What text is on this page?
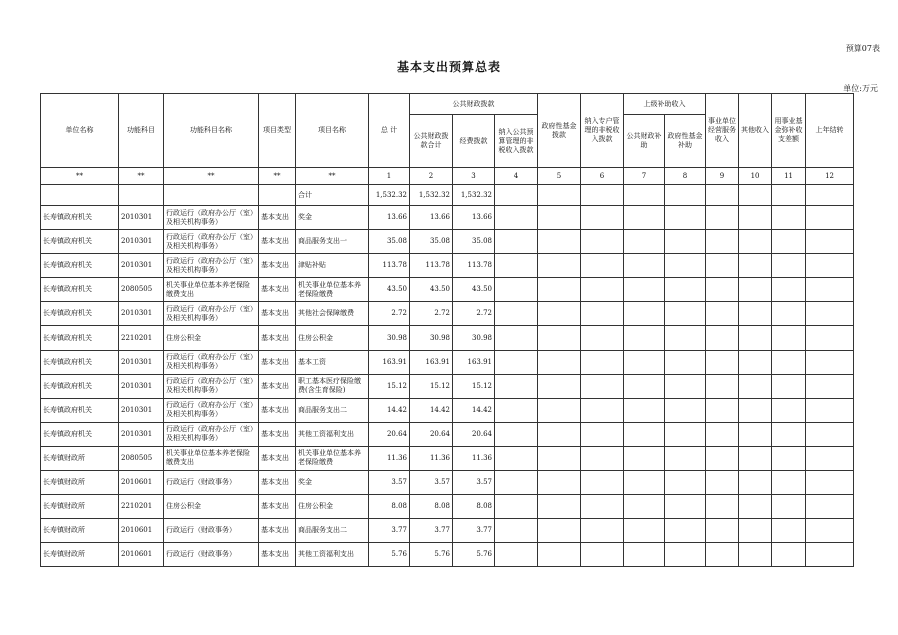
预算07表
基本支出预算总表
单位:万元
单位名称	功能科目	功能科目名称	项目类型	项目名称	总 计	公共财政拨款			政府性基金拨款	纳入专户管理的非税收入拨款	上级补助收入		事业单位经营服务收入	其他收入	用事业基金弥补收支差额	上年结转
						公共财政拨款合计	经费拨款	纳入公共预算管理的非税收入拨款			公共财政补助	政府性基金补助				
**	**	**	**	**	1	2	3	4	5	6	7	8	9	10	11	12
				合计	1,532.32	1,532.32	1,532.32									
长寿镇政府机关	2010301	行政运行（政府办公厅（室）及相关机构事务）	基本支出	奖金	13.66	13.66	13.66									
长寿镇政府机关	2010301	行政运行（政府办公厅（室）及相关机构事务）	基本支出	商品服务支出一	35.08	35.08	35.08									
长寿镇政府机关	2010301	行政运行（政府办公厅（室）及相关机构事务）	基本支出	津贴补贴	113.78	113.78	113.78									
长寿镇政府机关	2080505	机关事业单位基本养老保险缴费支出	基本支出	机关事业单位基本养老保险缴费	43.50	43.50	43.50									
长寿镇政府机关	2010301	行政运行（政府办公厅（室）及相关机构事务）	基本支出	其他社会保障缴费	2.72	2.72	2.72									
长寿镇政府机关	2210201	住房公积金	基本支出	住房公积金	30.98	30.98	30.98									
长寿镇政府机关	2010301	行政运行（政府办公厅（室）及相关机构事务）	基本支出	基本工资	163.91	163.91	163.91									
长寿镇政府机关	2010301	行政运行（政府办公厅（室）及相关机构事务）	基本支出	职工基本医疗保险缴费(含生育保险)	15.12	15.12	15.12									
长寿镇政府机关	2010301	行政运行（政府办公厅（室）及相关机构事务）	基本支出	商品服务支出二	14.42	14.42	14.42									
长寿镇政府机关	2010301	行政运行（政府办公厅（室）及相关机构事务）	基本支出	其他工资福利支出	20.64	20.64	20.64									
长寿镇财政所	2080505	机关事业单位基本养老保险缴费支出	基本支出	机关事业单位基本养老保险缴费	11.36	11.36	11.36									
长寿镇财政所	2010601	行政运行（财政事务）	基本支出	奖金	3.57	3.57	3.57									
长寿镇财政所	2210201	住房公积金	基本支出	住房公积金	8.08	8.08	8.08									
长寿镇财政所	2010601	行政运行（财政事务）	基本支出	商品服务支出二	3.77	3.77	3.77									
长寿镇财政所	2010601	行政运行（财政事务）	基本支出	其他工资福利支出	5.76	5.76	5.76									
